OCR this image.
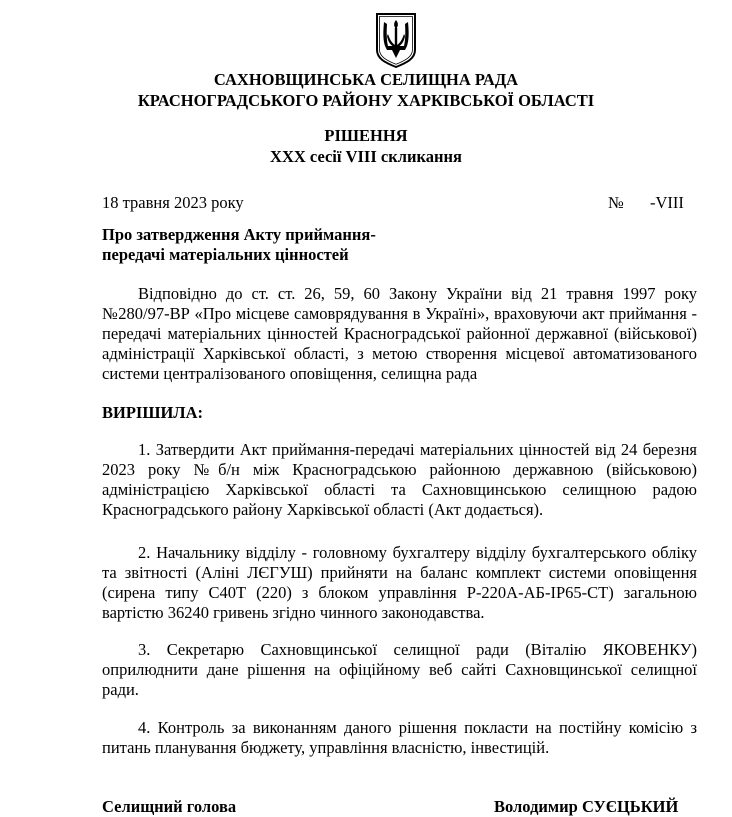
САХНОВЩИНСЬКА СЕЛИЩНА РАДА
КРАСНОГРАДСЬКОГО РАЙОНУ ХАРКІВСЬКОЇ ОБЛАСТІ
РІШЕННЯ
XXX сесії VIII скликання
18 травня 2023 року	№ -VIII
Про затвердження Акту приймання-
передачі матеріальних цінностей
Відповідно до ст. ст. 26, 59, 60 Закону України від 21 травня 1997 року №280/97-ВР «Про місцеве самоврядування в Україні», враховуючи акт приймання - передачі матеріальних цінностей Красноградської районної державної (військової) адміністрації Харківської області, з метою створення місцевої автоматизованого системи централізованого оповіщення, селищна рада
ВИРІШИЛА:
1. Затвердити Акт приймання-передачі матеріальних цінностей від 24 березня 2023 року №б/н між Красноградською районною державною (військовою) адміністрацією Харківської області та Сахновщинською селищною радою Красноградського району Харківської області (Акт додається).
2. Начальнику відділу - головному бухгалтеру відділу бухгалтерського обліку та звітності (Аліні ЛЄГУШ) прийняти на баланс комплект системи оповіщення (сирена типу С40Т (220) з блоком управління Р-220А-АБ-ІР65-СТ) загальною вартістю 36240 гривень згідно чинного законодавства.
3. Секретарю Сахновщинської селищної ради (Віталію ЯКОВЕНКУ) оприлюднити дане рішення на офіційному веб сайті Сахновщинської селищної ради.
4. Контроль за виконанням даного рішення покласти на постійну комісію з питань планування бюджету, управління власністю, інвестицій.
Селищний голова	Володимир СУЄЦЬКИЙ
